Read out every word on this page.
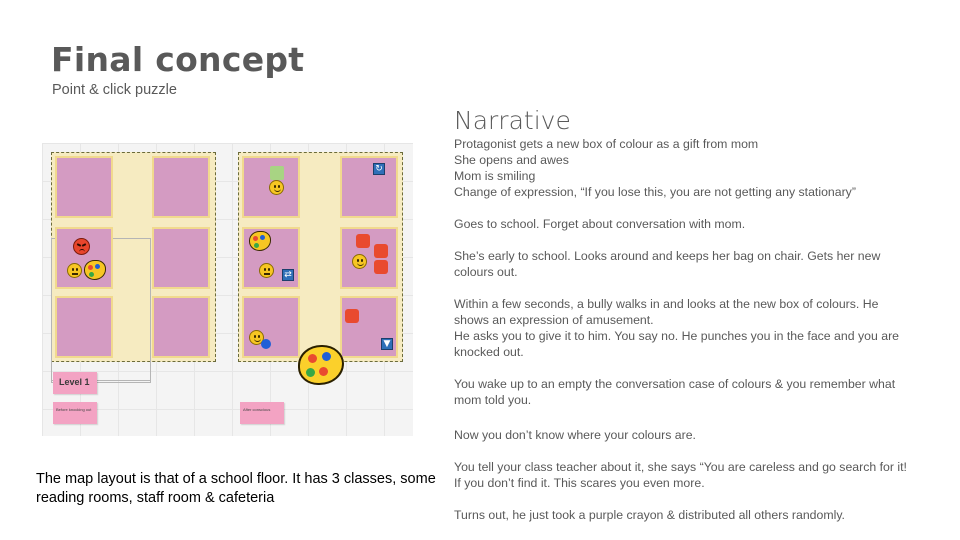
Final concept
Point & click puzzle
↻
⇄
▼
Level 1
Before knocking out	After conscious
The map layout is that of a school floor. It has 3 classes, some reading rooms, staff room & cafeteria
Narrative

Protagonist gets a new box of colour as a gift from mom

She opens and awes

Mom is smiling

Change of expression, “If you lose this, you are not getting any stationary”

Goes to school. Forget about conversation with mom.

She’s early to school. Looks around and keeps her bag on chair. Gets her new colours out.

Within a few seconds, a bully walks in and looks at the new box of colours. He shows an expression of amusement.

He asks you to give it to him. You say no. He punches you in the face and you are knocked out.

You wake up to an empty the conversation case of colours & you remember what mom told you.

Now you don’t know where your colours are.

You tell your class teacher about it, she says “You are careless and go search for it! If you don’t find it. This scares you even more.

Turns out, he just took a purple crayon & distributed all others randomly.
